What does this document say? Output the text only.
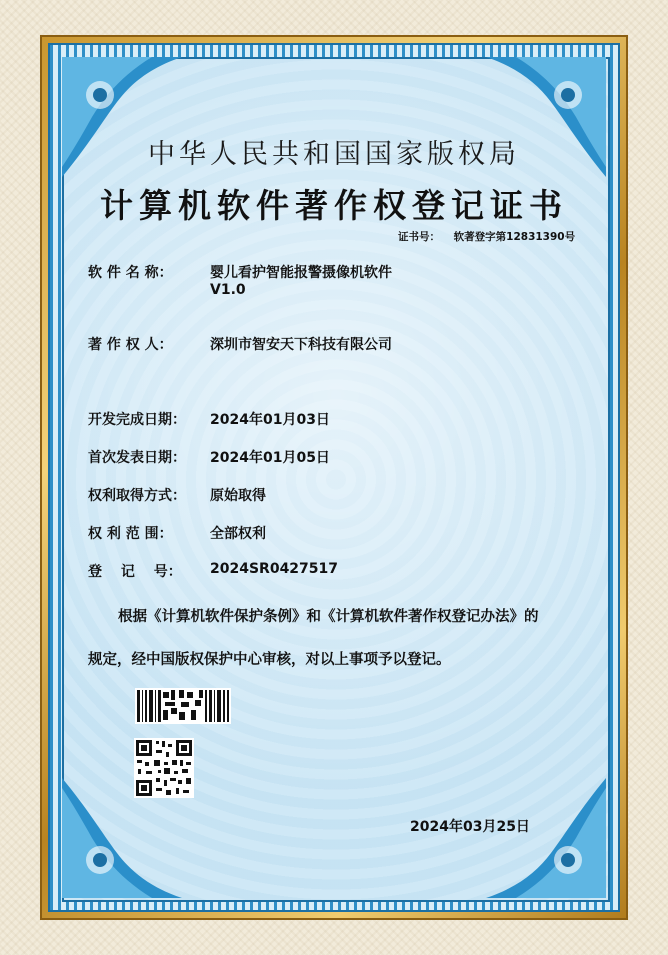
中华人民共和国国家版权局
计算机软件著作权登记证书
证书号： 软著登字第12831390号
软 件 名 称：	婴儿看护智能报警摄像机软件
V1.0
著 作 权 人：	深圳市智安天下科技有限公司
开发完成日期： 2024年01月03日
首次发表日期： 2024年01月05日
权利取得方式： 原始取得
权 利 范 围：	全部权利
登　 记 　号： 2024SR0427517
根据《计算机软件保护条例》和《计算机软件著作权登记办法》的
规定，经中国版权保护中心审核，对以上事项予以登记。
2024年03月25日
